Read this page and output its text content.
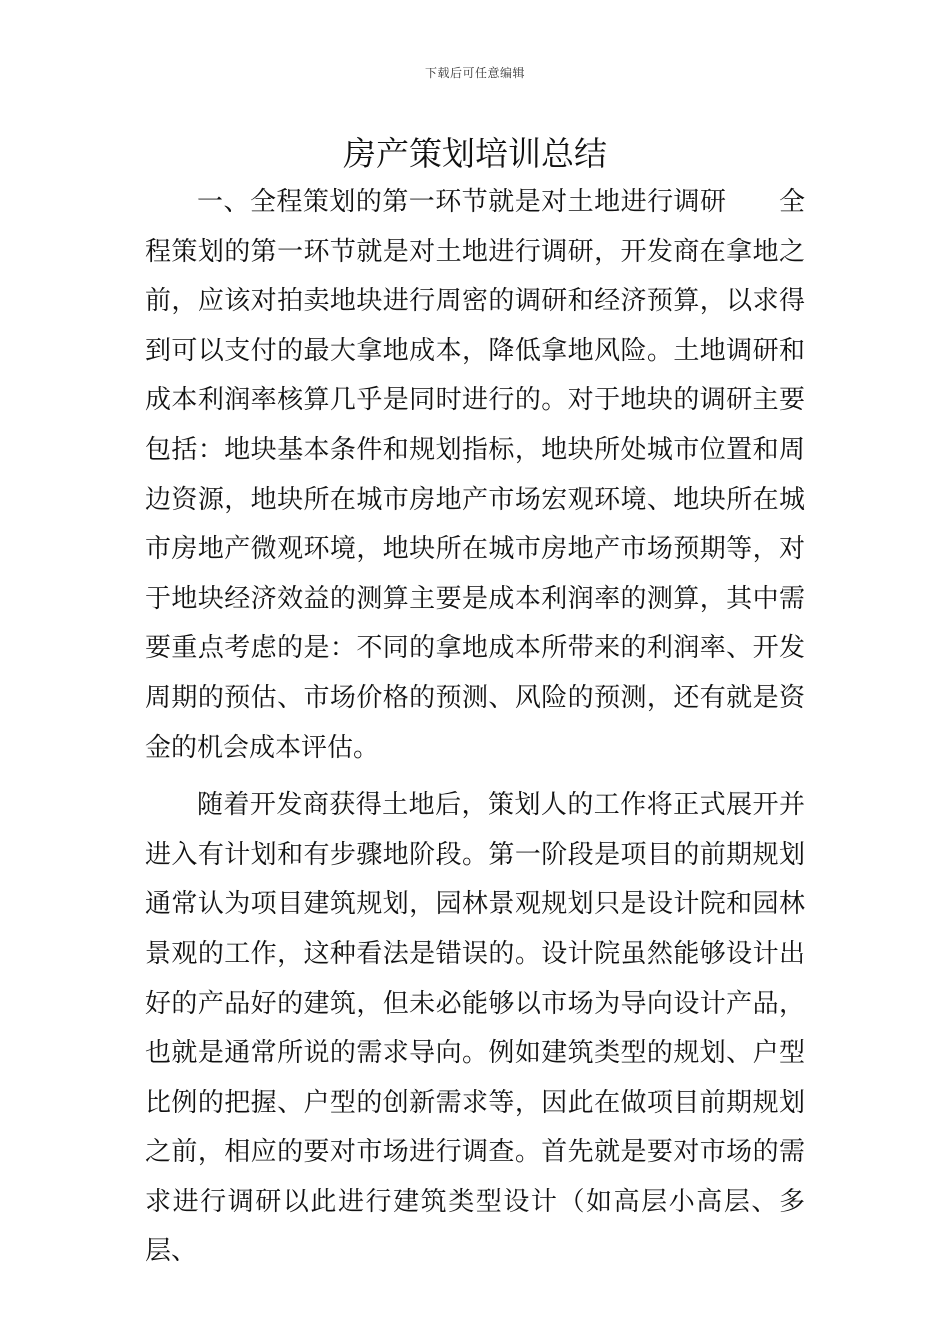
下载后可任意编辑
房产策划培训总结

一、全程策划的第一环节就是对土地进行调研 全程策划的第一环节就是对土地进行调研，开发商在拿地之前，应该对拍卖地块进行周密的调研和经济预算，以求得到可以支付的最大拿地成本，降低拿地风险。土地调研和成本利润率核算几乎是同时进行的。对于地块的调研主要包括：地块基本条件和规划指标，地块所处城市位置和周边资源，地块所在城市房地产市场宏观环境、地块所在城市房地产微观环境，地块所在城市房地产市场预期等，对于地块经济效益的测算主要是成本利润率的测算，其中需要重点考虑的是：不同的拿地成本所带来的利润率、开发周期的预估、市场价格的预测、风险的预测，还有就是资金的机会成本评估。

随着开发商获得土地后，策划人的工作将正式展开并进入有计划和有步骤地阶段。第一阶段是项目的前期规划通常认为项目建筑规划，园林景观规划只是设计院和园林景观的工作，这种看法是错误的。设计院虽然能够设计出好的产品好的建筑，但未必能够以市场为导向设计产品，也就是通常所说的需求导向。例如建筑类型的规划、户型比例的把握、户型的创新需求等，因此在做项目前期规划之前，相应的要对市场进行调查。首先就是要对市场的需求进行调研以此进行建筑类型设计（如高层小高层、多层、
